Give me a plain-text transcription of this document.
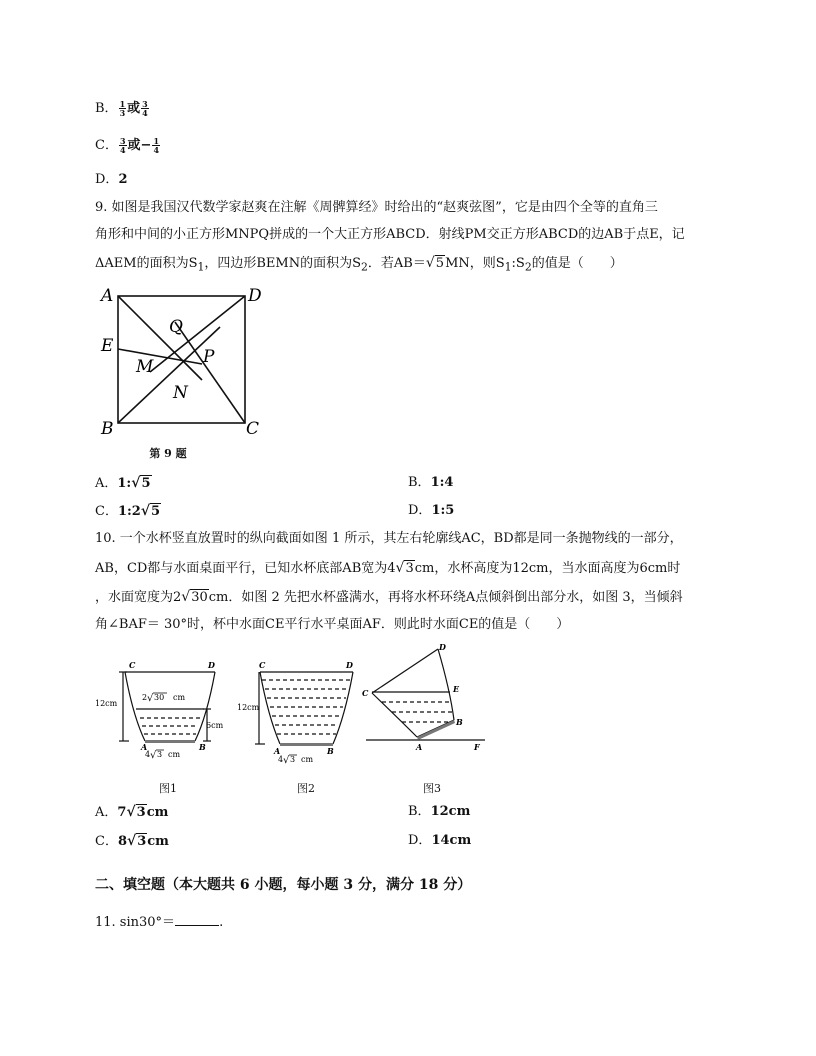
B． $\frac{1}{3}$ 或 $\frac{3}{4}$
C． $\frac{3}{4}$ 或− $\frac{1}{4}$
D．2
9. 如图是我国汉代数学家赵爽在注解《周髀算经》时给出的“赵爽弦图”，它是由四个全等的直角三
角形和中间的小正方形MNPQ拼成的一个大正方形ABCD．射线PM交正方形ABCD的边AB于点E，记
ΔAEM的面积为$S_1$，四边形BEMN的面积为$S_2$．若AB＝√5MN，则$S_1:S_2$的值是（　　）
A	D
E
Q
P
M
N
B	C
第 9 题
A．1:√5	B．1:4
C．1:2√5	D．1:5
10. 一个水杯竖直放置时的纵向截面如图 1 所示，其左右轮廓线AC，BD都是同一条抛物线的一部分，
AB，CD都与水面桌面平行，已知水杯底部AB宽为4√3cm，水杯高度为12cm，当水面高度为6cm时
，水面宽度为2√30cm．如图 2 先把水杯盛满水，再将水杯环绕A点倾斜倒出部分水，如图 3，当倾斜
角∠BAF＝ 30°时，杯中水面CE平行水平桌面AF．则此时水面CE的值是（　　）
C	D
12cm
6cm
2 √ 30 cm
A	B
4 √ 3 cm
图1
C	D
12cm
A	B
4 √ 3 cm
图2
D
C	E
B
A	F
图3
A．7√3cm	B．12cm
C．8√3cm	D．14cm
二、填空题（本大题共 6 小题，每小题 3 分，满分 18 分）
11. sin30°＝	.
